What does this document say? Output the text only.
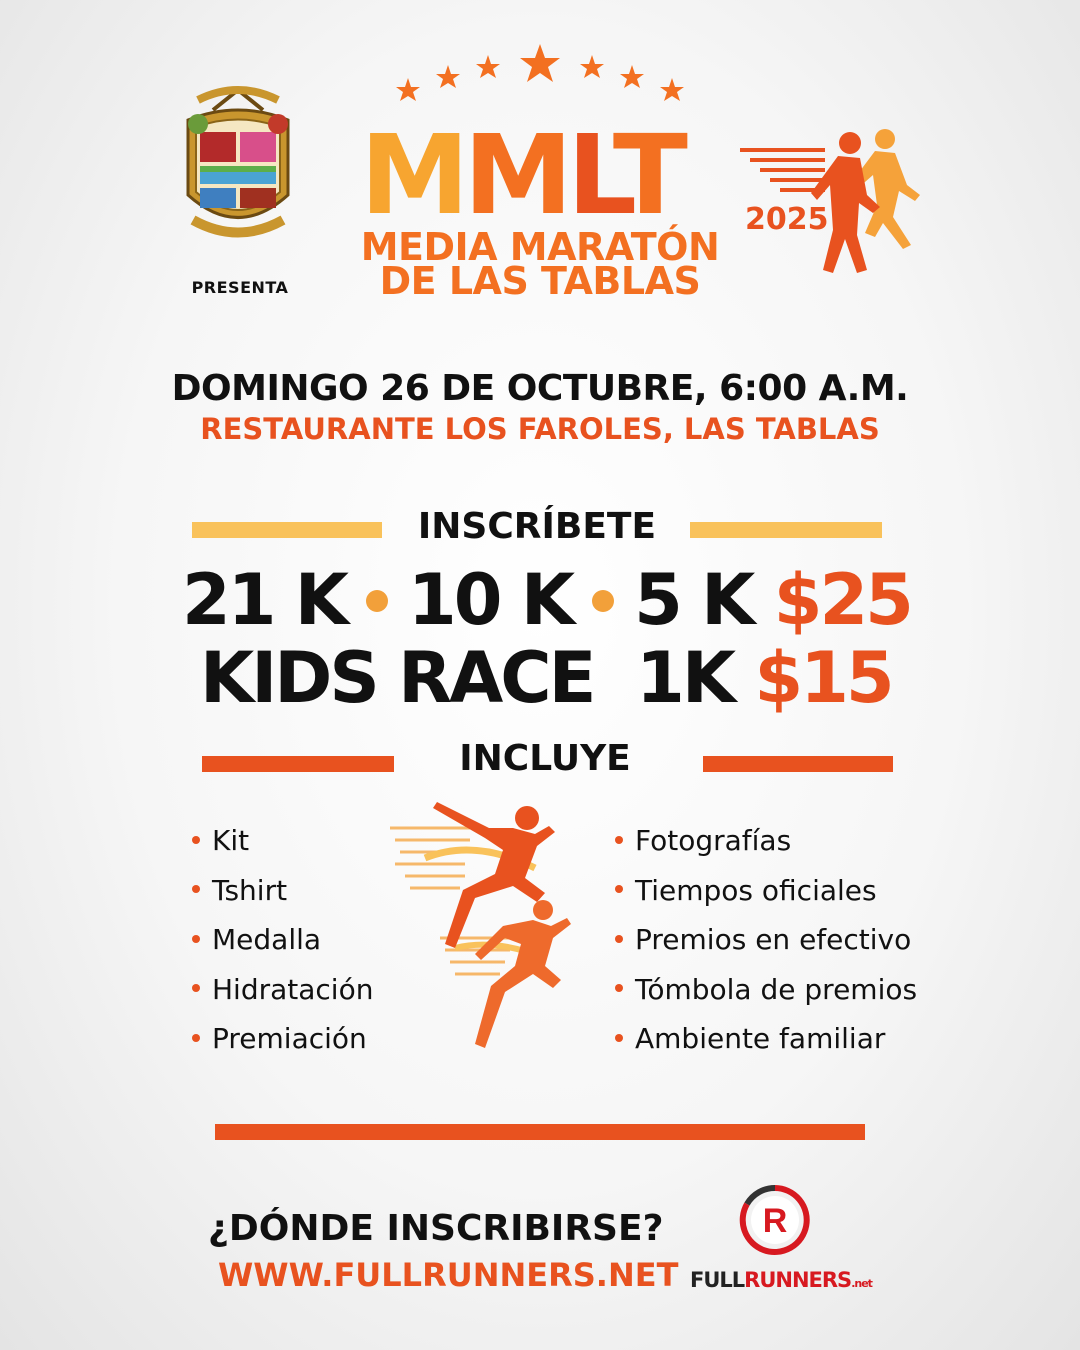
PRESENTA
MMLT
MEDIA MARATÓN
DE LAS TABLAS
2025
DOMINGO 26 DE OCTUBRE, 6:00 A.M.
RESTAURANTE LOS FAROLES, LAS TABLAS
INSCRÍBETE
21 K 10 K 5 K $25
KIDS RACE  1K $15
INCLUYE
Kit
Tshirt
Medalla
Hidratación
Premiación
Fotografías
Tiempos oficiales
Premios en efectivo
Tómbola de premios
Ambiente familiar
¿DÓNDE INSCRIBIRSE?
WWW.FULLRUNNERS.NET
R
FULLRUNNERS.net
